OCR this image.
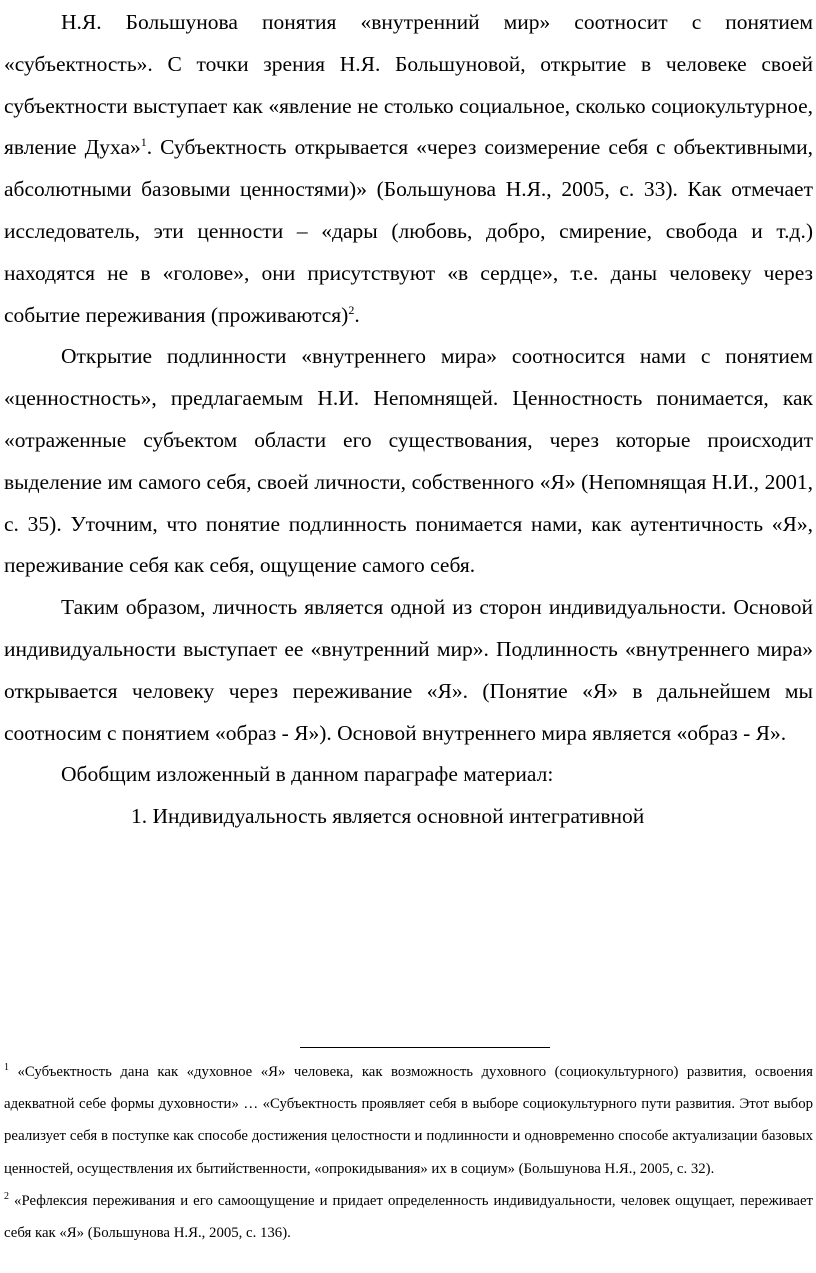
Н.Я. Большунова понятия «внутренний мир» соотносит с понятием «субъектность». С точки зрения Н.Я. Большуновой, открытие в человеке своей субъектности выступает как «явление не столько социальное, сколько социокультурное, явление Духа»$^1$. Субъектность открывается «через соизмерение себя с объективными, абсолютными базовыми ценностями)» (Большунова Н.Я., 2005, с. 33). Как отмечает исследователь, эти ценности – «дары (любовь, добро, смирение, свобода и т.д.) находятся не в «голове», они присутствуют «в сердце», т.е. даны человеку через событие переживания (проживаются)$^2$.

Открытие подлинности «внутреннего мира» соотносится нами с понятием «ценностность», предлагаемым Н.И. Непомнящей. Ценностность понимается, как «отраженные субъектом области его существования, через которые происходит выделение им самого себя, своей личности, собственного «Я» (Непомнящая Н.И., 2001, с. 35). Уточним, что понятие подлинность понимается нами, как аутентичность «Я», переживание себя как себя, ощущение самого себя.

Таким образом, личность является одной из сторон индивидуальности. Основой индивидуальности выступает ее «внутренний мир». Подлинность «внутреннего мира» открывается человеку через переживание «Я». (Понятие «Я» в дальнейшем мы соотносим с понятием «образ - Я»). Основой внутреннего мира является «образ - Я».

Обобщим изложенный в данном параграфе материал:

1. Индивидуальность является основной интегративной

$^1$ «Субъектность дана как «духовное «Я» человека, как возможность духовного (социокультурного) развития, освоения адекватной себе формы духовности» … «Субъектность проявляет себя в выборе социокультурного пути развития. Этот выбор реализует себя в поступке как способе достижения целостности и подлинности и одновременно способе актуализации базовых ценностей, осуществления их бытийственности, «опрокидывания» их в социум» (Большунова Н.Я., 2005, с. 32).

$^2$ «Рефлексия переживания и его самоощущение и придает определенность индивидуальности, человек ощущает, переживает себя как «Я» (Большунова Н.Я., 2005, с. 136).
